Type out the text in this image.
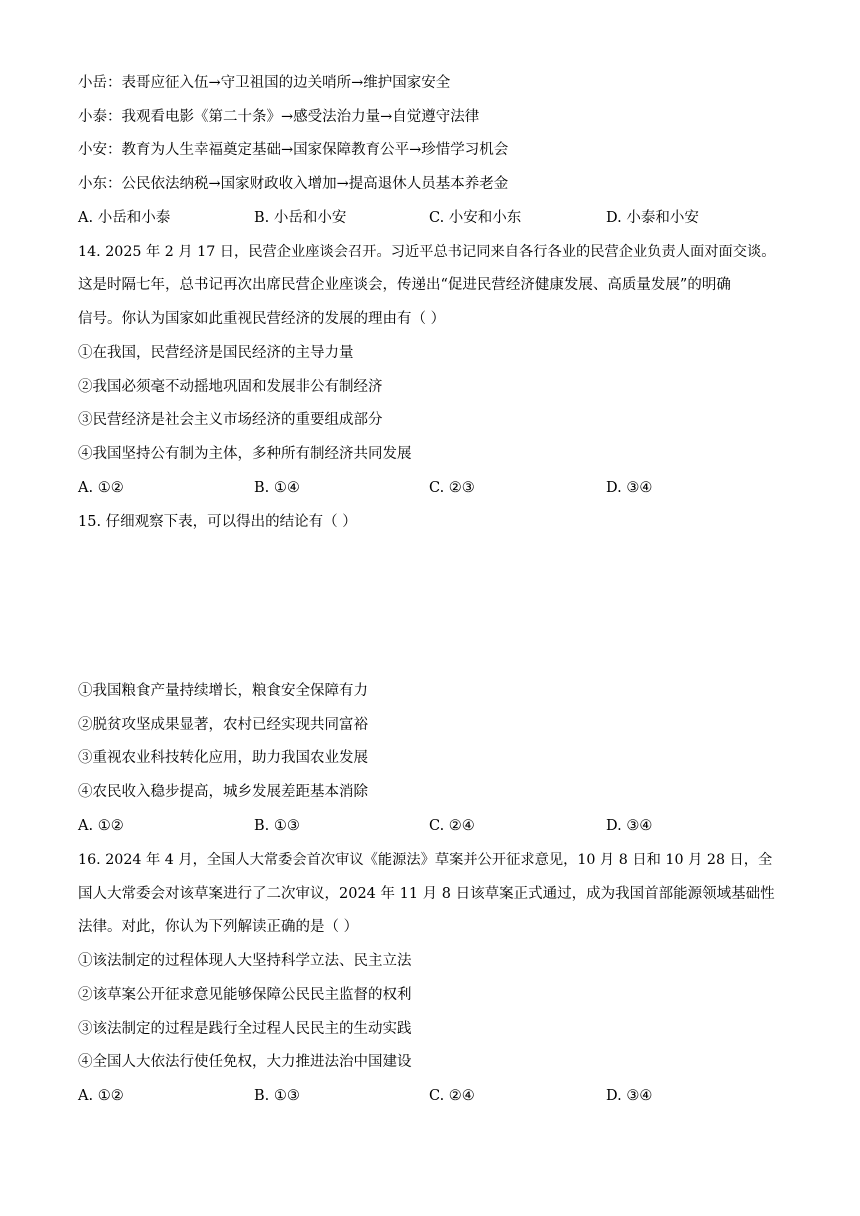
小岳：表哥应征入伍→守卫祖国的边关哨所→维护国家安全
小泰：我观看电影《第二十条》→感受法治力量→自觉遵守法律
小安：教育为人生幸福奠定基础→国家保障教育公平→珍惜学习机会
小东：公民依法纳税→国家财政收入增加→提高退休人员基本养老金
A. 小岳和小泰	B. 小岳和小安	C. 小安和小东	D. 小泰和小安
14. 2025 年 2 月 17 日，民营企业座谈会召开。习近平总书记同来自各行各业的民营企业负责人面对面交谈。
这是时隔七年，总书记再次出席民营企业座谈会，传递出“促进民营经济健康发展、高质量发展”的明确
信号。你认为国家如此重视民营经济的发展的理由有（ ）
①在我国，民营经济是国民经济的主导力量
②我国必须毫不动摇地巩固和发展非公有制经济
③民营经济是社会主义市场经济的重要组成部分
④我国坚持公有制为主体，多种所有制经济共同发展
A. ①②	B. ①④	C. ②③	D. ③④
15. 仔细观察下表，可以得出的结论有（ ）
①我国粮食产量持续增长，粮食安全保障有力
②脱贫攻坚成果显著，农村已经实现共同富裕
③重视农业科技转化应用，助力我国农业发展
④农民收入稳步提高，城乡发展差距基本消除
A. ①②	B. ①③	C. ②④	D. ③④
16. 2024 年 4 月，全国人大常委会首次审议《能源法》草案并公开征求意见，10 月 8 日和 10 月 28 日，全
国人大常委会对该草案进行了二次审议，2024 年 11 月 8 日该草案正式通过，成为我国首部能源领域基础性
法律。对此，你认为下列解读正确的是（ ）
①该法制定的过程体现人大坚持科学立法、民主立法
②该草案公开征求意见能够保障公民民主监督的权利
③该法制定的过程是践行全过程人民民主的生动实践
④全国人大依法行使任免权，大力推进法治中国建设
A. ①②	B. ①③	C. ②④	D. ③④
